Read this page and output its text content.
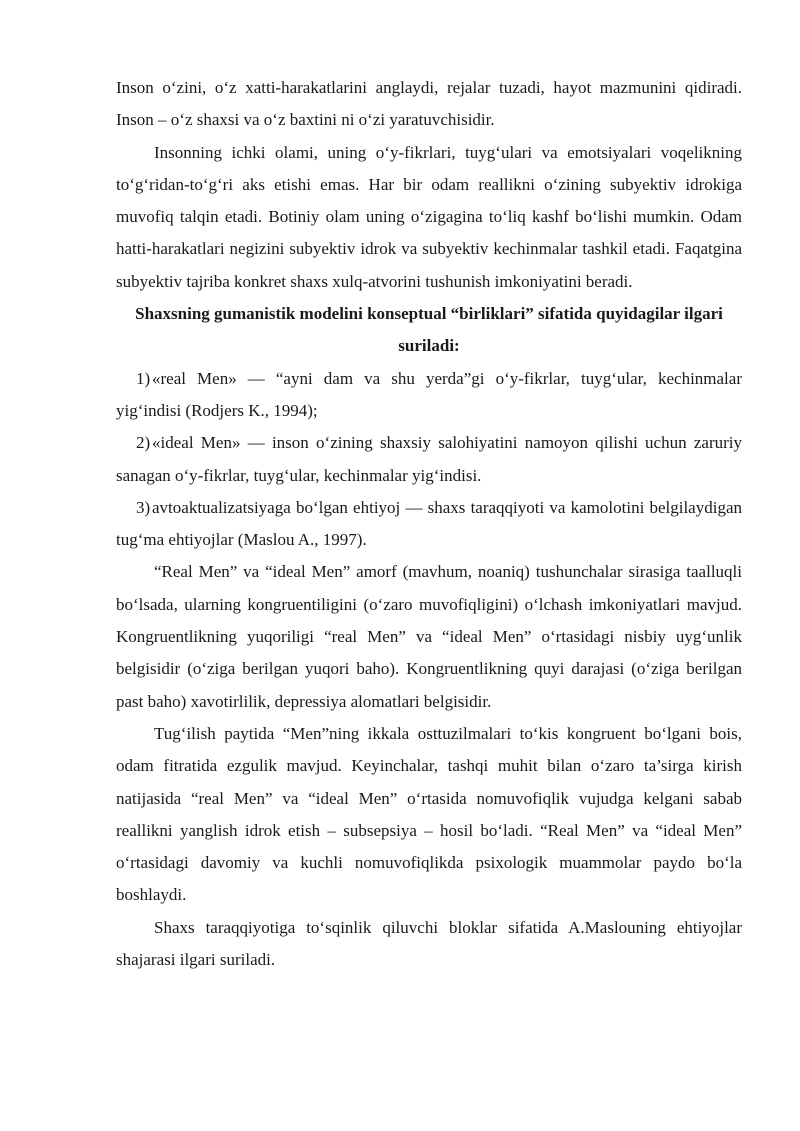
Inson o‘zini, o‘z xatti-harakatlarini anglaydi, rejalar tuzadi, hayot mazmunini qidiradi. Inson – o‘z shaxsi va o‘z baxtini ni o‘zi yaratuvchisidir.

Insonning ichki olami, uning o‘y-fikrlari, tuyg‘ulari va emotsiyalari voqelikning to‘g‘ridan-to‘g‘ri aks etishi emas. Har bir odam reallikni o‘zining subyektiv idrokiga muvofiq talqin etadi. Botiniy olam uning o‘zigagina to‘liq kashf bo‘lishi mumkin. Odam hatti-harakatlari negizini subyektiv idrok va subyektiv kechinmalar tashkil etadi. Faqatgina subyektiv tajriba konkret shaxs xulq-atvorini tushunish imkoniyatini beradi.

Shaxsning gumanistik modelini konseptual “birliklari” sifatida quyidagilar ilgari suriladi:

1) «real Men» — “ayni dam va shu yerda”gi o‘y-fikrlar, tuyg‘ular, kechinmalar yig‘indisi (Rodjers K., 1994);

2) «ideal Men» — inson o‘zining shaxsiy salohiyatini namoyon qilishi uchun zaruriy sanagan o‘y-fikrlar, tuyg‘ular, kechinmalar yig‘indisi.

3) avtoaktualizatsiyaga bo‘lgan ehtiyoj — shaxs taraqqiyoti va kamolotini belgilaydigan tug‘ma ehtiyojlar (Maslou A., 1997).

“Real Men” va “ideal Men” amorf (mavhum, noaniq) tushunchalar sirasiga taalluqli bo‘lsada, ularning kongruentiligini (o‘zaro muvofiqligini) o‘lchash imkoniyatlari mavjud. Kongruentlikning yuqoriligi “real Men” va “ideal Men” o‘rtasidagi nisbiy uyg‘unlik belgisidir (o‘ziga berilgan yuqori baho). Kongruentlikning quyi darajasi (o‘ziga berilgan past baho) xavotirlilik, depressiya alomatlari belgisidir.

Tug‘ilish paytida “Men”ning ikkala osttuzilmalari to‘kis kongruent bo‘lgani bois, odam fitratida ezgulik mavjud. Keyinchalar, tashqi muhit bilan o‘zaro ta’sirga kirish natijasida “real Men” va “ideal Men” o‘rtasida nomuvofiqlik vujudga kelgani sabab reallikni yanglish idrok etish – subsepsiya – hosil bo‘ladi. “Real Men” va “ideal Men” o‘rtasidagi davomiy va kuchli nomuvofiqlikda psixologik muammolar paydo bo‘la boshlaydi.

Shaxs taraqqiyotiga to‘sqinlik qiluvchi bloklar sifatida A.Maslouning ehtiyojlar shajarasi ilgari suriladi.
